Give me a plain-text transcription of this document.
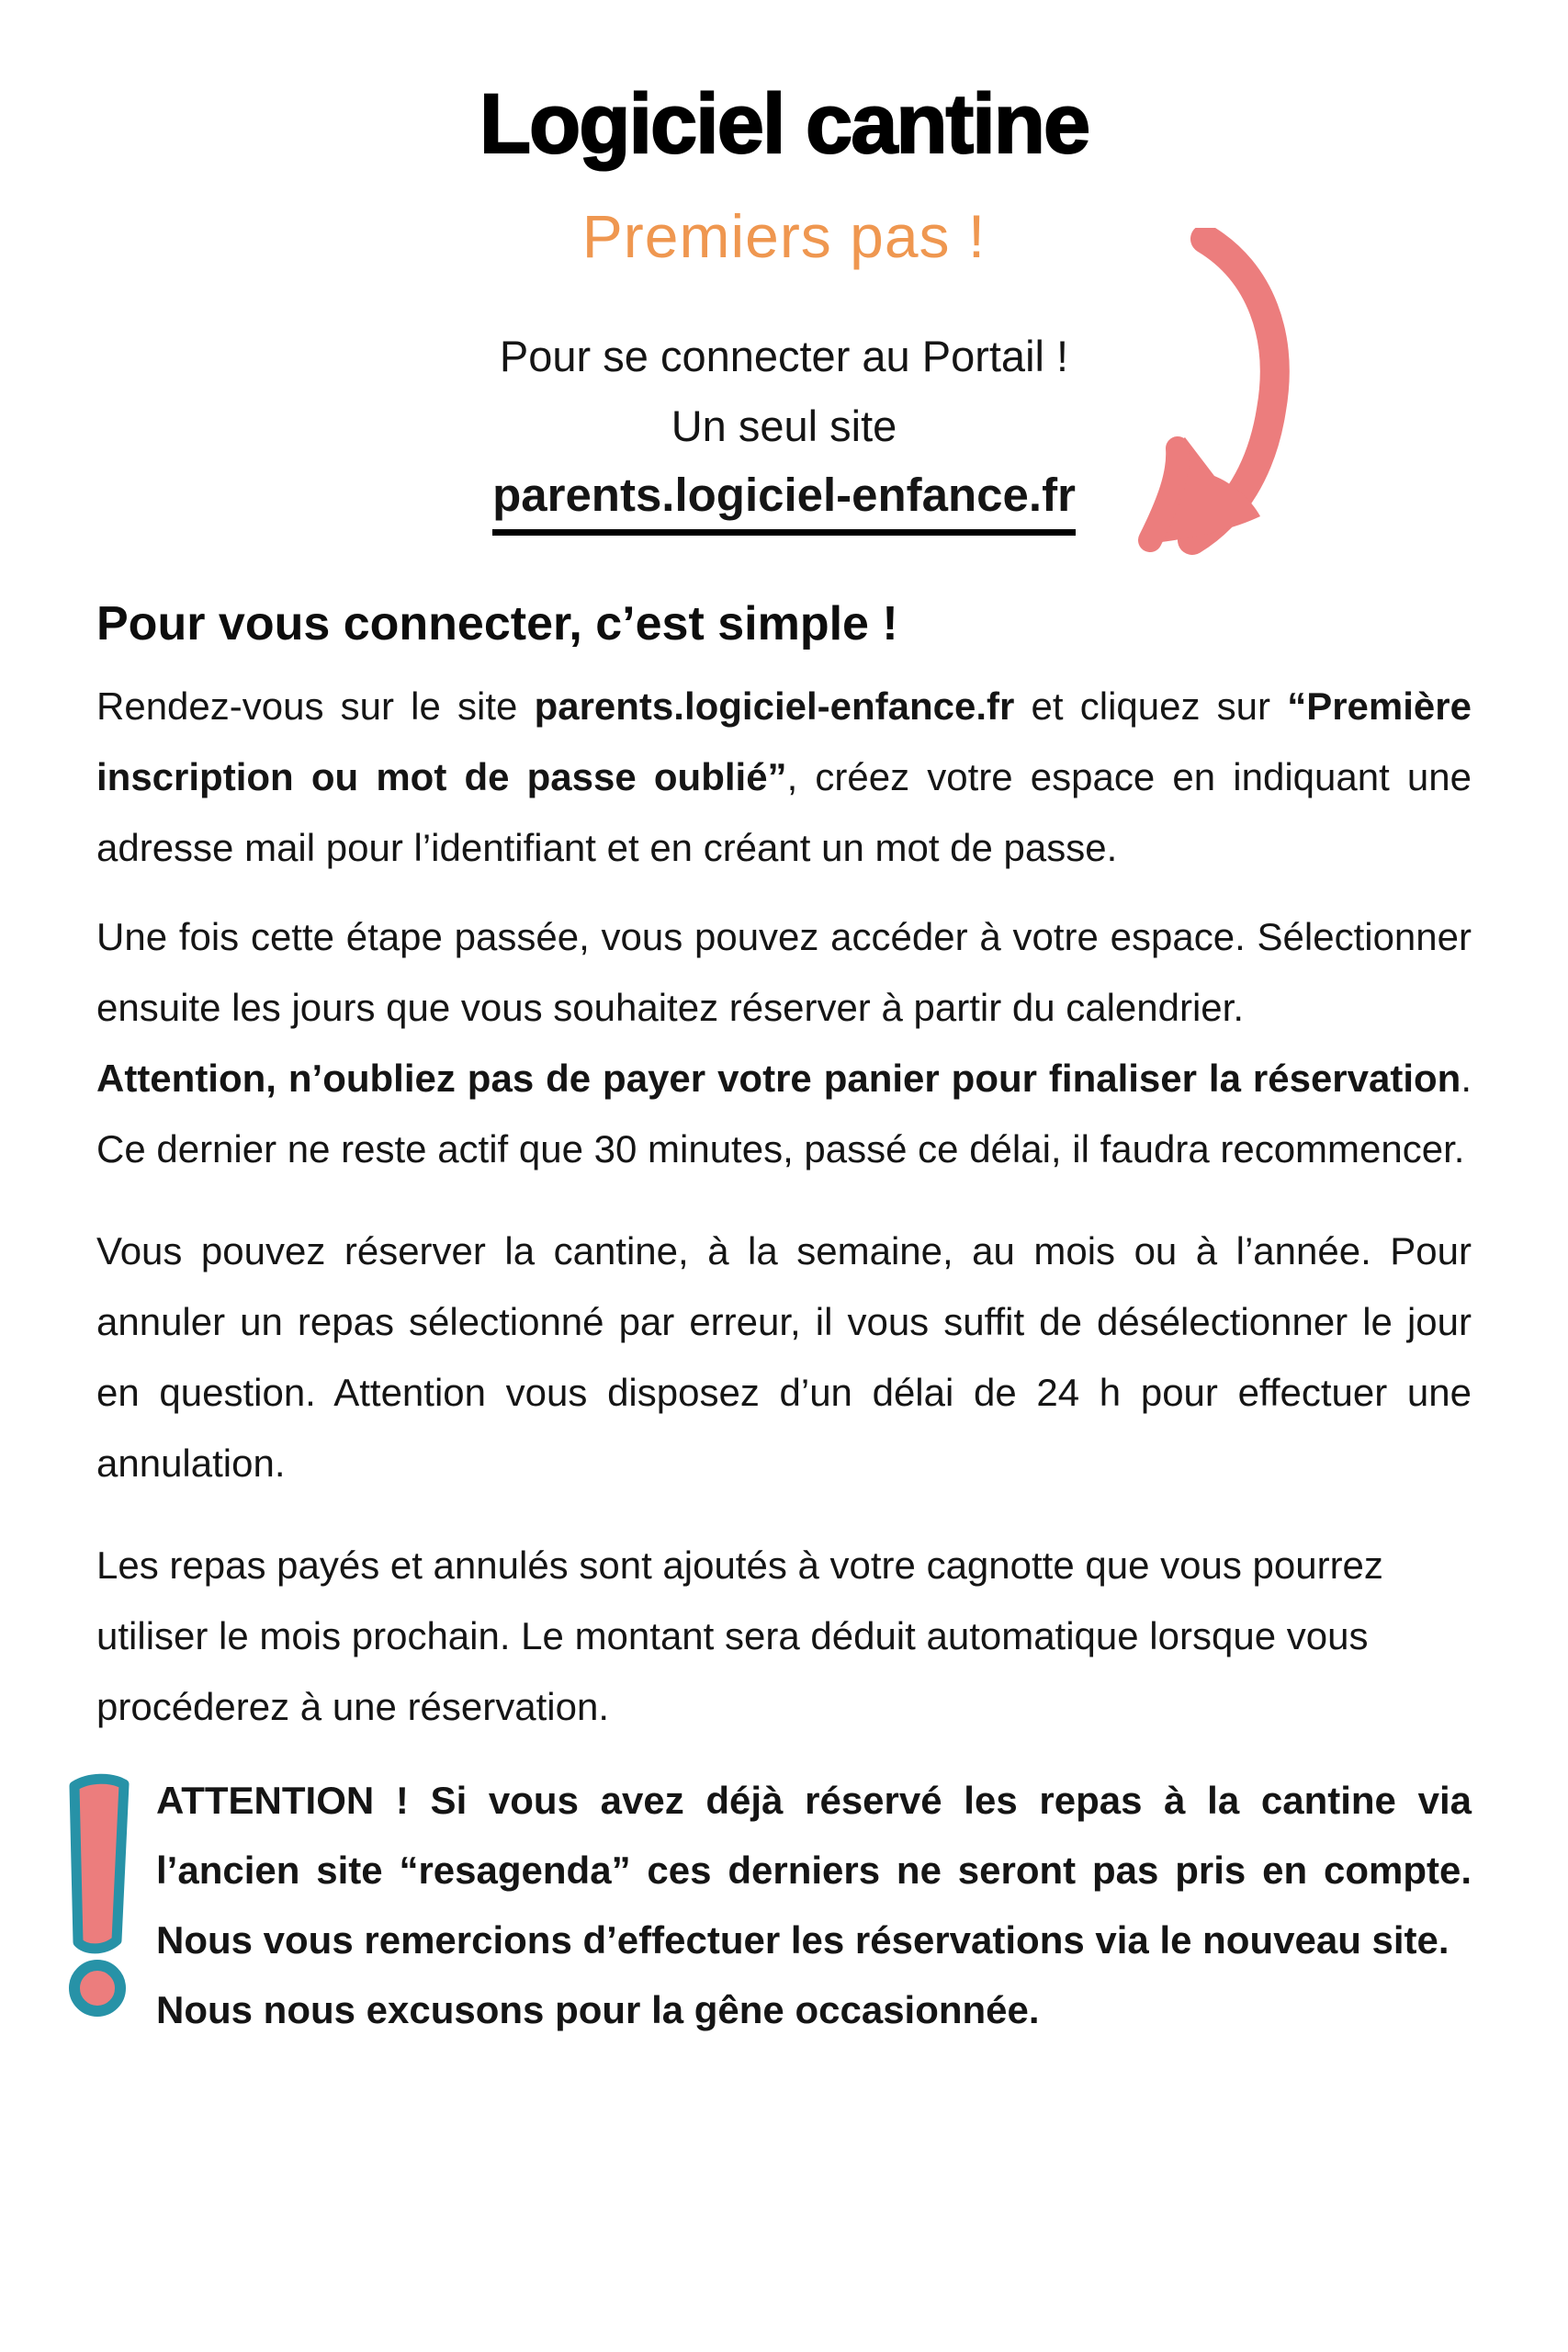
Logiciel cantine
Premiers pas !
Pour se connecter au Portail !
Un seul site
parents.logiciel-enfance.fr
Pour vous connecter, c’est simple !

Rendez-vous sur le site parents.logiciel-enfance.fr et cliquez sur “Première inscription ou mot de passe oublié”, créez votre espace en indiquant une adresse mail pour l’identifiant et en créant un mot de passe.

Une fois cette étape passée, vous pouvez accéder à votre espace. Sélectionner ensuite les jours que vous souhaitez réserver à partir du calendrier.

Attention, n’oubliez pas de payer votre panier pour finaliser la réservation. Ce dernier ne reste actif que 30 minutes, passé ce délai, il faudra recommencer.

Vous pouvez réserver la cantine, à la semaine, au mois ou à l’année. Pour annuler un repas sélectionné par erreur, il vous suffit de désélectionner le jour en question. Attention vous disposez d’un délai de 24 h pour effectuer une annulation.

Les repas payés et annulés sont ajoutés à votre cagnotte que vous pourrez utiliser le mois prochain. Le montant sera déduit automatique lorsque vous procéderez à une réservation.

ATTENTION ! Si vous avez déjà réservé les repas à la cantine via l’ancien site “resagenda” ces derniers ne seront pas pris en compte. Nous vous remercions d’effectuer les réservations via le nouveau site.

Nous nous excusons pour la gêne occasionnée.
